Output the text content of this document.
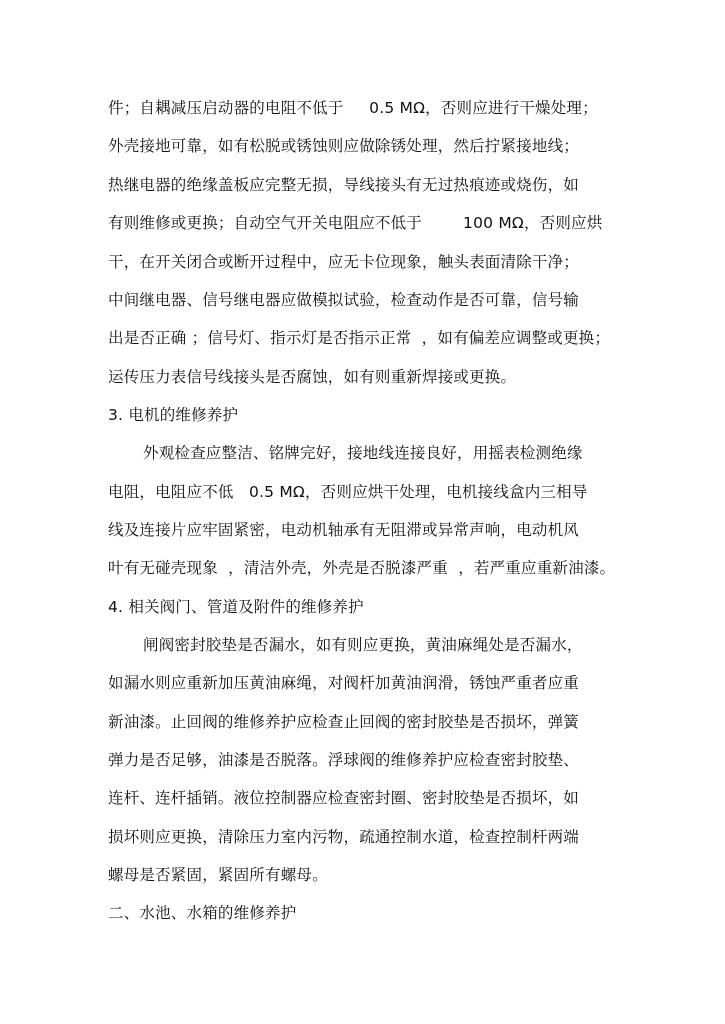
件；自耦减压启动器的电阻不低于     0.5 MΩ，否则应进行干燥处理；
外壳接地可靠，如有松脱或锈蚀则应做除锈处理，然后拧紧接地线；
热继电器的绝缘盖板应完整无损，导线接头有无过热痕迹或烧伤，如
有则维修或更换；自动空气开关电阻应不低于        100 MΩ，否则应烘
干，在开关闭合或断开过程中，应无卡位现象，触头表面清除干净；
中间继电器、信号继电器应做模拟试验，检查动作是否可靠，信号输
出是否正确 ；信号灯、指示灯是否指示正常  ，如有偏差应调整或更换；
运传压力表信号线接头是否腐蚀，如有则重新焊接或更换。
3. 电机的维修养护
外观检查应整洁、铭牌完好，接地线连接良好，用摇表检测绝缘
电阻，电阻应不低   0.5 MΩ，否则应烘干处理，电机接线盒内三相导
线及连接片应牢固紧密，电动机轴承有无阻滞或异常声响，电动机风
叶有无碰壳现象  ，清洁外壳，外壳是否脱漆严重  ，若严重应重新油漆。
4. 相关阀门、管道及附件的维修养护
闸阀密封胶垫是否漏水，如有则应更换，黄油麻绳处是否漏水，
如漏水则应重新加压黄油麻绳，对阀杆加黄油润滑，锈蚀严重者应重
新油漆。止回阀的维修养护应检查止回阀的密封胶垫是否损坏，弹簧
弹力是否足够，油漆是否脱落。浮球阀的维修养护应检查密封胶垫、
连杆、连杆插销。液位控制器应检查密封圈、密封胶垫是否损坏，如
损坏则应更换，清除压力室内污物，疏通控制水道，检查控制杆两端
螺母是否紧固，紧固所有螺母。
二、水池、水箱的维修养护
